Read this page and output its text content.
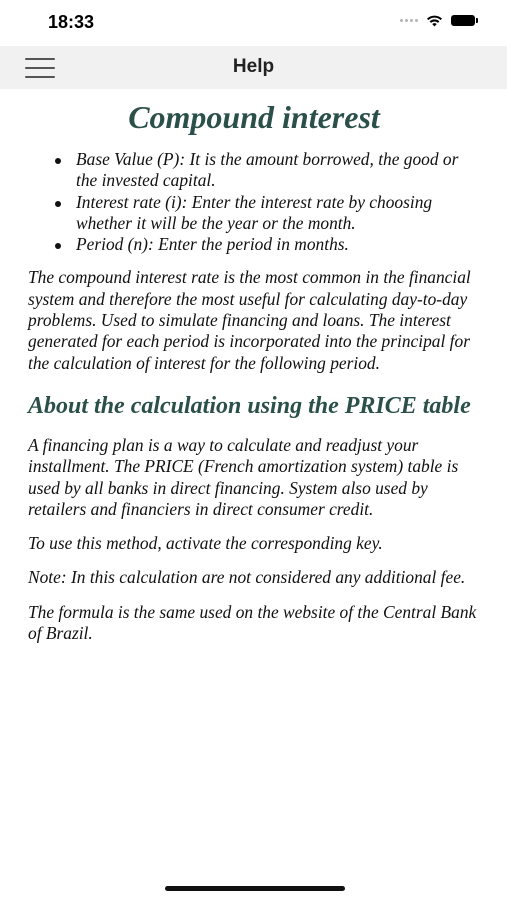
18:33
Help
Compound interest
Base Value (P): It is the amount borrowed, the good or the invested capital.
Interest rate (i): Enter the interest rate by choosing whether it will be the year or the month.
Period (n): Enter the period in months.

The compound interest rate is the most common in the financial system and therefore the most useful for calculating day-to-day problems. Used to simulate financing and loans. The interest generated for each period is incorporated into the principal for the calculation of interest for the following period.

About the calculation using the PRICE table

A financing plan is a way to calculate and readjust your installment. The PRICE (French amortization system) table is used by all banks in direct financing. System also used by retailers and financiers in direct consumer credit.

To use this method, activate the corresponding key.

Note: In this calculation are not considered any additional fee.

The formula is the same used on the website of the Central Bank of Brazil.
